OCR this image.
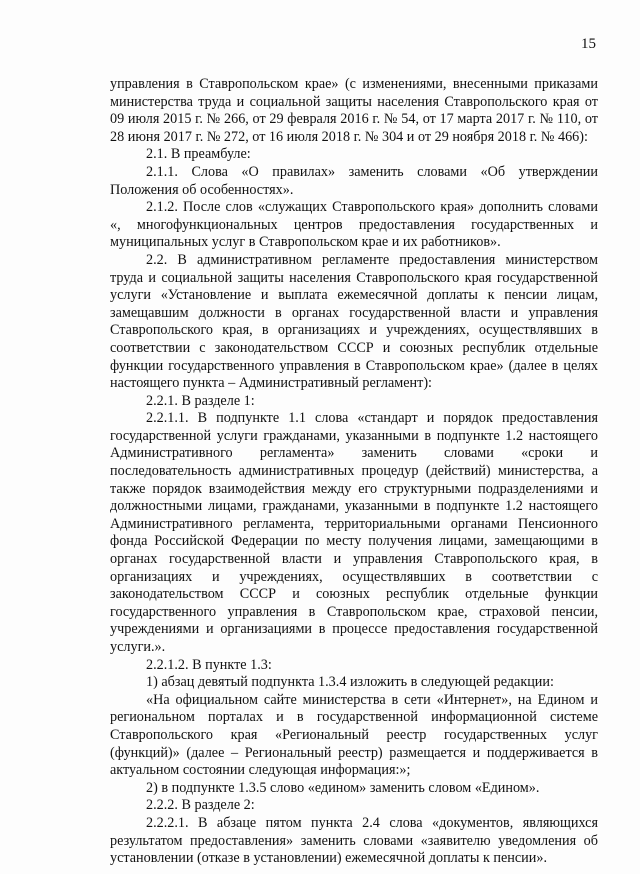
15

управления в Ставропольском крае» (с изменениями, внесенными приказами министерства труда и социальной защиты населения Ставропольского края от 09 июля 2015 г. № 266, от 29 февраля 2016 г. № 54, от 17 марта 2017 г. № 110, от 28 июня 2017 г. № 272, от 16 июля 2018 г. № 304 и от 29 ноября 2018 г. № 466):

2.1. В преамбуле:

2.1.1. Слова «О правилах» заменить словами «Об утверждении Положения об особенностях».

2.1.2. После слов «служащих Ставропольского края» дополнить словами «, многофункциональных центров предоставления государственных и муниципальных услуг в Ставропольском крае и их работников».

2.2. В административном регламенте предоставления министерством труда и социальной защиты населения Ставропольского края государственной услуги «Установление и выплата ежемесячной доплаты к пенсии лицам, замещавшим должности в органах государственной власти и управления Ставропольского края, в организациях и учреждениях, осуществлявших в соответствии с законодательством СССР и союзных республик отдельные функции государственного управления в Ставропольском крае» (далее в целях настоящего пункта – Административный регламент):

2.2.1. В разделе 1:

2.2.1.1. В подпункте 1.1 слова «стандарт и порядок предоставления государственной услуги гражданами, указанными в подпункте 1.2 настоящего Административного регламента» заменить словами «сроки и последовательность административных процедур (действий) министерства, а также порядок взаимодействия между его структурными подразделениями и должностными лицами, гражданами, указанными в подпункте 1.2 настоящего Административного регламента, территориальными органами Пенсионного фонда Российской Федерации по месту получения лицами, замещающими в органах государственной власти и управления Ставропольского края, в организациях и учреждениях, осуществлявших в соответствии с законодательством СССР и союзных республик отдельные функции государственного управления в Ставропольском крае, страховой пенсии, учреждениями и организациями в процессе предоставления государственной услуги.».

2.2.1.2. В пункте 1.3:

1) абзац девятый подпункта 1.3.4 изложить в следующей редакции:

«На официальном сайте министерства в сети «Интернет», на Едином и региональном порталах и в государственной информационной системе Ставропольского края «Региональный реестр государственных услуг (функций)» (далее – Региональный реестр) размещается и поддерживается в актуальном состоянии следующая информация:»;

2) в подпункте 1.3.5 слово «едином» заменить словом «Едином».

2.2.2. В разделе 2:

2.2.2.1. В абзаце пятом пункта 2.4 слова «документов, являющихся результатом предоставления» заменить словами «заявителю уведомления об установлении (отказе в установлении) ежемесячной доплаты к пенсии».
